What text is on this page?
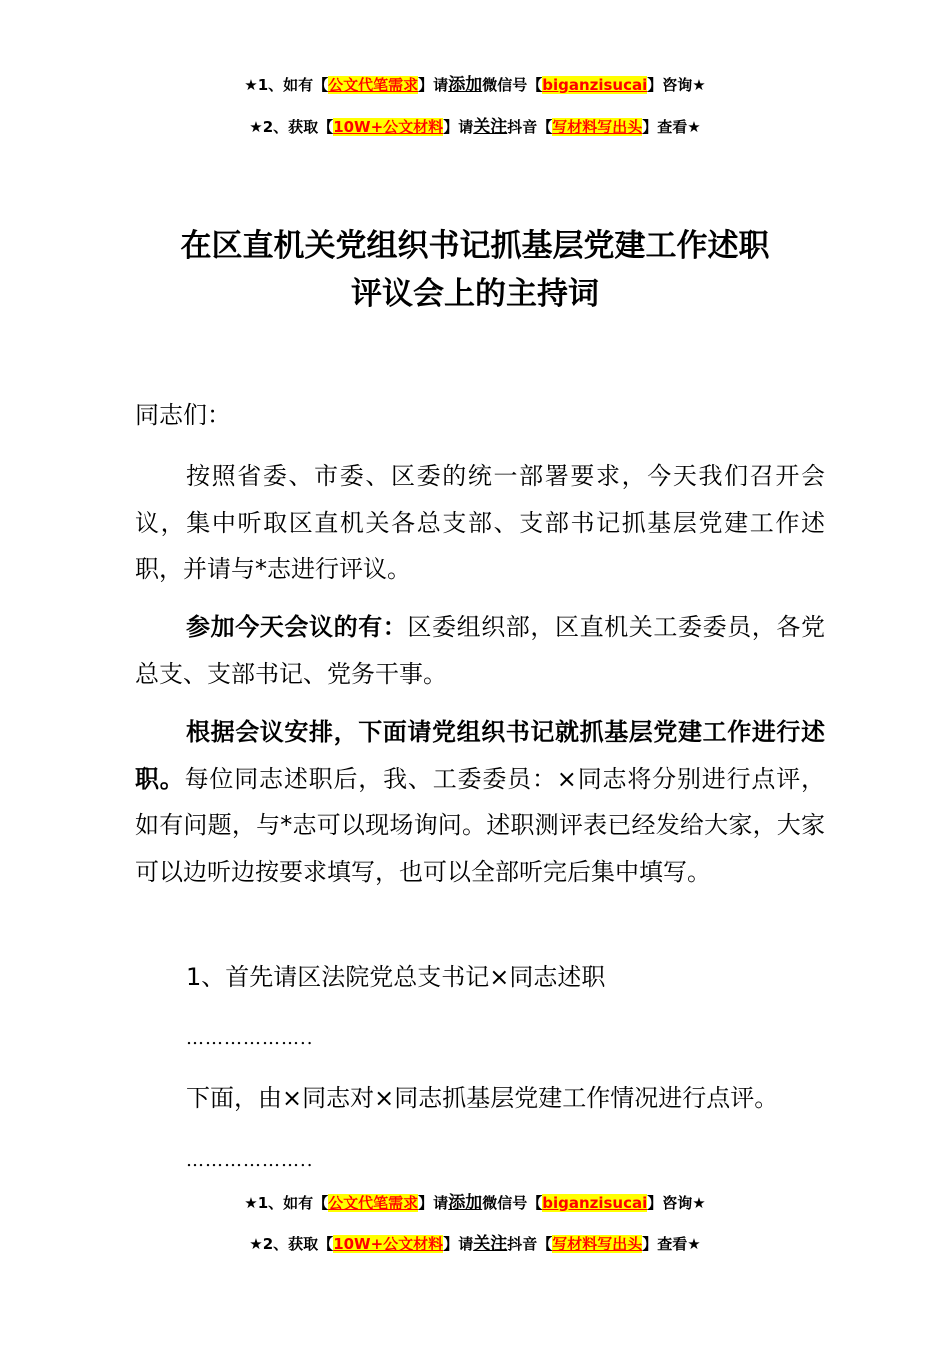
★1、如有【公文代笔需求】请添加微信号【biganzisucai】咨询★
★2、获取【10W+公文材料】请关注抖音【写材料写出头】查看★
在区直机关党组织书记抓基层党建工作述职
评议会上的主持词

同志们：

按照省委、市委、区委的统一部署要求，今天我们召开会议，集中听取区直机关各总支部、支部书记抓基层党建工作述职，并请与*志进行评议。

参加今天会议的有：区委组织部，区直机关工委委员，各党总支、支部书记、党务干事。

根据会议安排，下面请党组织书记就抓基层党建工作进行述职。每位同志述职后，我、工委委员：×同志将分别进行点评，如有问题，与*志可以现场询问。述职测评表已经发给大家，大家可以边听边按要求填写，也可以全部听完后集中填写。

1、首先请区法院党总支书记×同志述职

………………..

下面，由×同志对×同志抓基层党建工作情况进行点评。

………………..

★1、如有【公文代笔需求】请添加微信号【biganzisucai】咨询★
★2、获取【10W+公文材料】请关注抖音【写材料写出头】查看★
